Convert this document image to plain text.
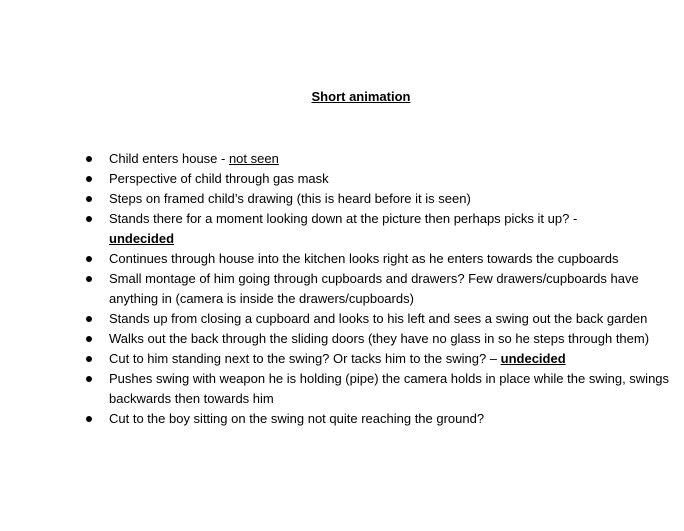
Short animation
Child enters house - not seen
Perspective of child through gas mask
Steps on framed child’s drawing (this is heard before it is seen)
Stands there for a moment looking down at the picture then perhaps picks it up? -
undecided
Continues through house into the kitchen looks right as he enters towards the cupboards
Small montage of him going through cupboards and drawers? Few drawers/cupboards have anything in (camera is inside the drawers/cupboards)
Stands up from closing a cupboard and looks to his left and sees a swing out the back garden
Walks out the back through the sliding doors (they have no glass in so he steps through them)
Cut to him standing next to the swing? Or tacks him to the swing? – undecided
Pushes swing with weapon he is holding (pipe) the camera holds in place while the swing, swings backwards then towards him
Cut to the boy sitting on the swing not quite reaching the ground?
